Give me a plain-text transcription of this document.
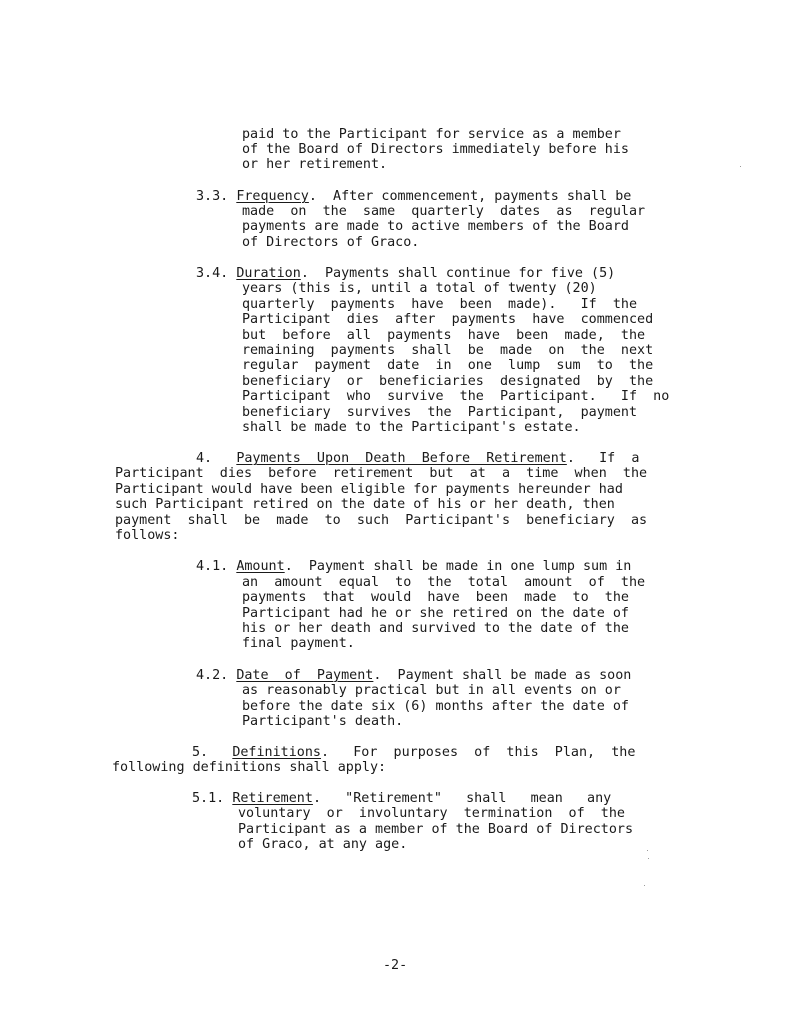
paid to the Participant for service as a member
of the Board of Directors immediately before his
or her retirement.
3.3. Frequency.  After commencement, payments shall be
made  on  the  same  quarterly  dates  as  regular
payments are made to active members of the Board
of Directors of Graco.
3.4. Duration.  Payments shall continue for five (5)
years (this is, until a total of twenty (20)
quarterly  payments  have  been  made).   If  the
Participant  dies  after  payments  have  commenced
but  before  all  payments  have  been  made,  the
remaining  payments  shall  be  made  on  the  next
regular  payment  date  in  one  lump  sum  to  the
beneficiary  or  beneficiaries  designated  by  the
Participant  who  survive  the  Participant.   If  no
beneficiary  survives  the  Participant,  payment
shall be made to the Participant's estate.
4.   Payments  Upon  Death  Before  Retirement.   If  a
Participant  dies  before  retirement  but  at  a  time  when  the
Participant would have been eligible for payments hereunder had
such Participant retired on the date of his or her death, then
payment  shall  be  made  to  such  Participant's  beneficiary  as
follows:
4.1. Amount.  Payment shall be made in one lump sum in
an  amount  equal  to  the  total  amount  of  the
payments  that  would  have  been  made  to  the
Participant had he or she retired on the date of
his or her death and survived to the date of the
final payment.
4.2. Date  of  Payment.  Payment shall be made as soon
as reasonably practical but in all events on or
before the date six (6) months after the date of
Participant's death.
5.   Definitions.   For  purposes  of  this  Plan,  the
following definitions shall apply:
5.1. Retirement.   "Retirement"   shall   mean   any
voluntary  or  involuntary  termination  of  the
Participant as a member of the Board of Directors
of Graco, at any age.
-2-
